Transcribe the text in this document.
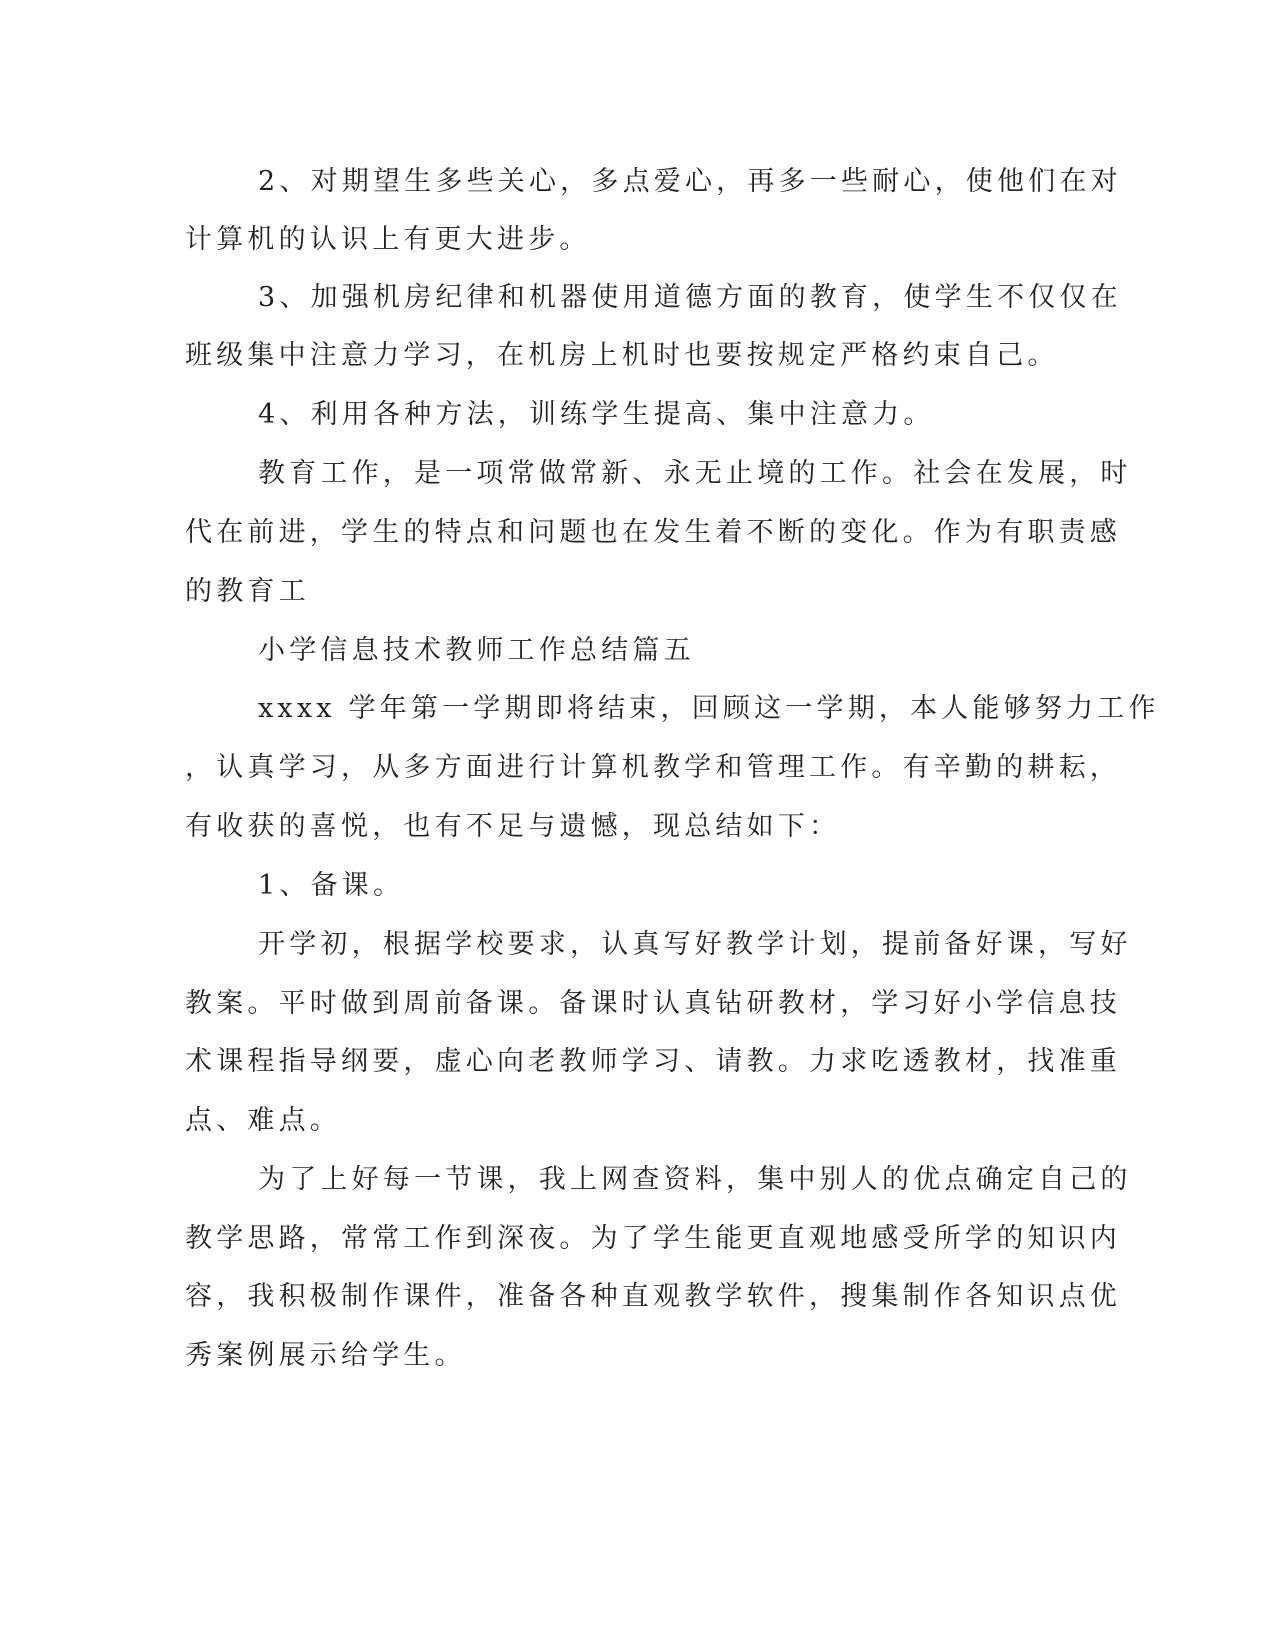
2、对期望生多些关心，多点爱心，再多一些耐心，使他们在对
计算机的认识上有更大进步。
3、加强机房纪律和机器使用道德方面的教育，使学生不仅仅在
班级集中注意力学习，在机房上机时也要按规定严格约束自己。
4、利用各种方法，训练学生提高、集中注意力。
教育工作，是一项常做常新、永无止境的工作。社会在发展，时
代在前进，学生的特点和问题也在发生着不断的变化。作为有职责感
的教育工
小学信息技术教师工作总结篇五
xxxx 学年第一学期即将结束，回顾这一学期，本人能够努力工作
，认真学习，从多方面进行计算机教学和管理工作。有辛勤的耕耘，
有收获的喜悦，也有不足与遗憾，现总结如下：
1、备课。
开学初，根据学校要求，认真写好教学计划，提前备好课，写好
教案。平时做到周前备课。备课时认真钻研教材，学习好小学信息技
术课程指导纲要，虚心向老教师学习、请教。力求吃透教材，找准重
点、难点。
为了上好每一节课，我上网查资料，集中别人的优点确定自己的
教学思路，常常工作到深夜。为了学生能更直观地感受所学的知识内
容，我积极制作课件，准备各种直观教学软件，搜集制作各知识点优
秀案例展示给学生。
